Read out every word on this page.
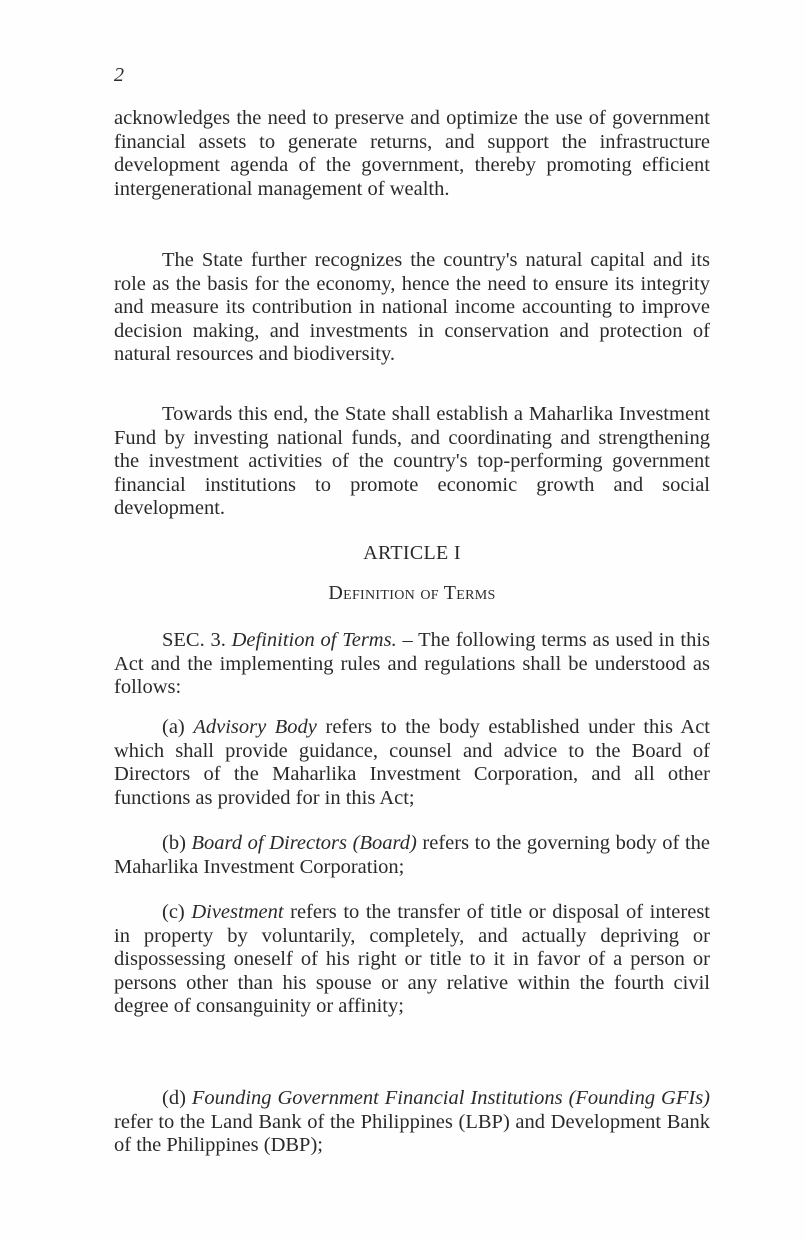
2

acknowledges the need to preserve and optimize the use of government financial assets to generate returns, and support the infrastructure development agenda of the government, thereby promoting efficient intergenerational management of wealth.

The State further recognizes the country's natural capital and its role as the basis for the economy, hence the need to ensure its integrity and measure its contribution in national income accounting to improve decision making, and investments in conservation and protection of natural resources and biodiversity.

Towards this end, the State shall establish a Maharlika Investment Fund by investing national funds, and coordinating and strengthening the investment activities of the country's top-performing government financial institutions to promote economic growth and social development.

ARTICLE I
Definition of Terms

SEC. 3. Definition of Terms. – The following terms as used in this Act and the implementing rules and regulations shall be understood as follows:

(a) Advisory Body refers to the body established under this Act which shall provide guidance, counsel and advice to the Board of Directors of the Maharlika Investment Corporation, and all other functions as provided for in this Act;

(b) Board of Directors (Board) refers to the governing body of the Maharlika Investment Corporation;

(c) Divestment refers to the transfer of title or disposal of interest in property by voluntarily, completely, and actually depriving or dispossessing oneself of his right or title to it in favor of a person or persons other than his spouse or any relative within the fourth civil degree of consanguinity or affinity;

(d) Founding Government Financial Institutions (Founding GFIs) refer to the Land Bank of the Philippines (LBP) and Development Bank of the Philippines (DBP);
